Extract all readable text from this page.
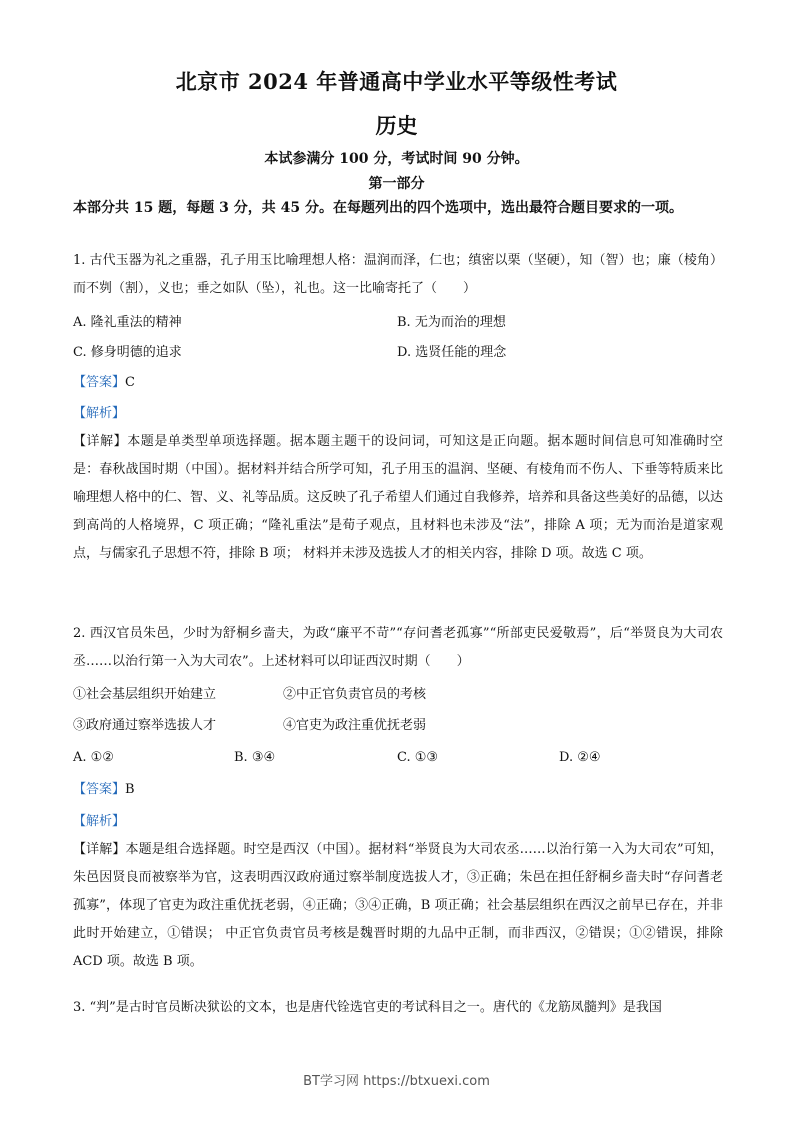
北京市 2024 年普通高中学业水平等级性考试
历史
本试参满分 100 分，考试时间 90 分钟。
第一部分
本部分共 15 题，每题 3 分，共 45 分。在每题列出的四个选项中，选出最符合题目要求的一项。
1. 古代玉器为礼之重器，孔子用玉比喻理想人格：温润而泽，仁也；缜密以栗（坚硬），知（智）也；廉（棱角）而不刿（割），义也；垂之如队（坠），礼也。这一比喻寄托了（　　）
A. 隆礼重法的精神	B. 无为而治的理想
C. 修身明德的追求	D. 选贤任能的理念
【答案】C
【解析】
【详解】本题是单类型单项选择题。据本题主题干的设问词，可知这是正向题。据本题时间信息可知准确时空是：春秋战国时期（中国）。据材料并结合所学可知，孔子用玉的温润、坚硬、有棱角而不伤人、下垂等特质来比喻理想人格中的仁、智、义、礼等品质。这反映了孔子希望人们通过自我修养，培养和具备这些美好的品德，以达到高尚的人格境界，C 项正确；“隆礼重法”是荀子观点，且材料也未涉及“法”，排除 A 项；无为而治是道家观点，与儒家孔子思想不符，排除 B 项； 材料并未涉及选拔人才的相关内容，排除 D 项。故选 C 项。
2. 西汉官员朱邑，少时为舒桐乡啬夫，为政“廉平不苛”“存问耆老孤寡”“所部吏民爱敬焉”，后“举贤良为大司农丞……以治行第一入为大司农”。上述材料可以印证西汉时期（　　）
①社会基层组织开始建立	②中正官负责官员的考核
③政府通过察举选拔人才	④官吏为政注重优抚老弱
A. ①②	B. ③④	C. ①③	D. ②④
【答案】B
【解析】
【详解】本题是组合选择题。时空是西汉（中国）。据材料“举贤良为大司农丞……以治行第一入为大司农”可知，朱邑因贤良而被察举为官，这表明西汉政府通过察举制度选拔人才，③正确；朱邑在担任舒桐乡啬夫时“存问耆老孤寡”，体现了官吏为政注重优抚老弱，④正确；③④正确，B 项正确；社会基层组织在西汉之前早已存在，并非此时开始建立，①错误； 中正官负责官员考核是魏晋时期的九品中正制，而非西汉，②错误；①②错误，排除 ACD 项。故选 B 项。
3. “判”是古时官员断决狱讼的文本，也是唐代铨选官吏的考试科目之一。唐代的《龙筋凤髓判》是我国
BT学习网 https://btxuexi.com
